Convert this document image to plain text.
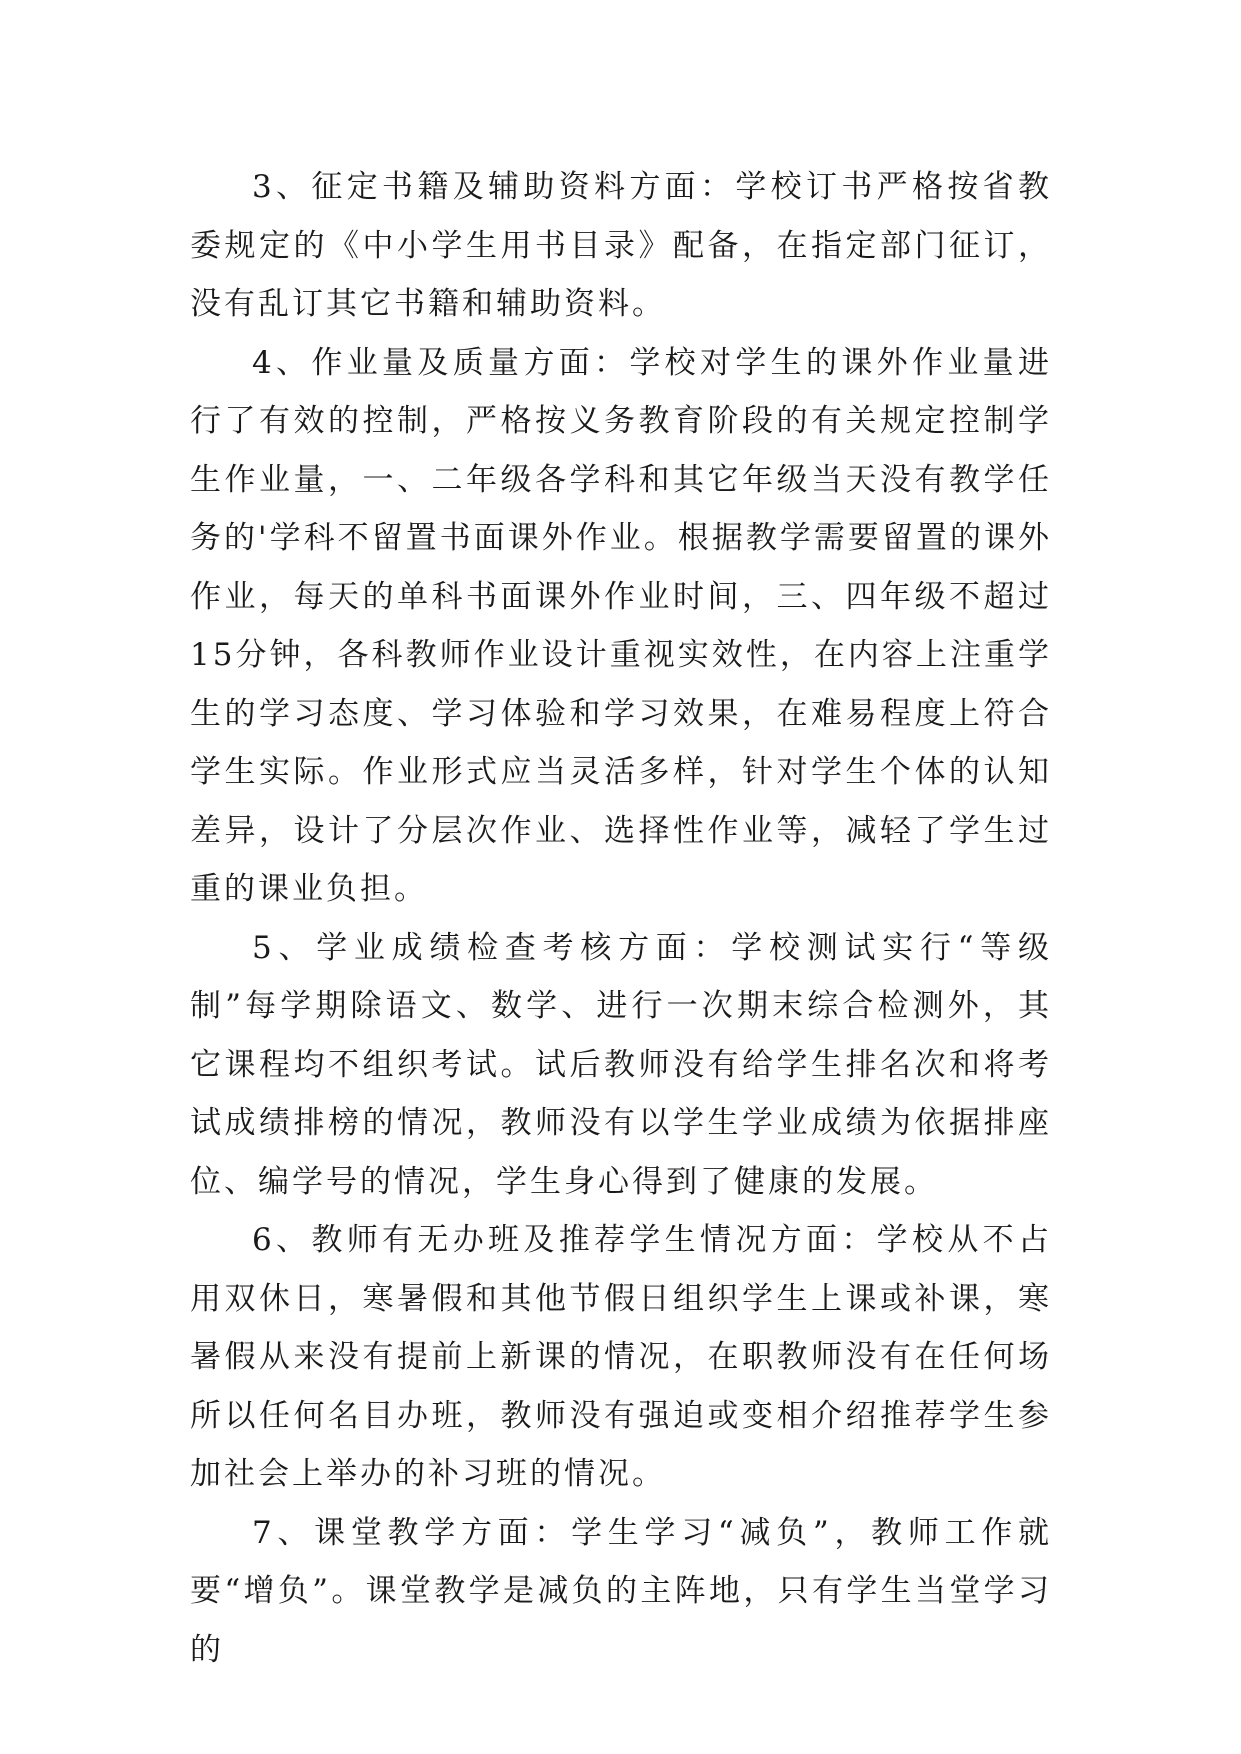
3、征定书籍及辅助资料方面：学校订书严格按省教委规定的《中小学生用书目录》配备，在指定部门征订，没有乱订其它书籍和辅助资料。

4、作业量及质量方面：学校对学生的课外作业量进行了有效的控制，严格按义务教育阶段的有关规定控制学生作业量，一、二年级各学科和其它年级当天没有教学任务的'学科不留置书面课外作业。根据教学需要留置的课外作业，每天的单科书面课外作业时间，三、四年级不超过15分钟，各科教师作业设计重视实效性，在内容上注重学生的学习态度、学习体验和学习效果，在难易程度上符合学生实际。作业形式应当灵活多样，针对学生个体的认知差异，设计了分层次作业、选择性作业等，减轻了学生过重的课业负担。

5、学业成绩检查考核方面：学校测试实行“等级制”每学期除语文、数学、进行一次期末综合检测外，其它课程均不组织考试。试后教师没有给学生排名次和将考试成绩排榜的情况，教师没有以学生学业成绩为依据排座位、编学号的情况，学生身心得到了健康的发展。

6、教师有无办班及推荐学生情况方面：学校从不占用双休日，寒暑假和其他节假日组织学生上课或补课，寒暑假从来没有提前上新课的情况，在职教师没有在任何场所以任何名目办班，教师没有强迫或变相介绍推荐学生参加社会上举办的补习班的情况。

7、课堂教学方面：学生学习“减负”，教师工作就要“增负”。课堂教学是减负的主阵地，只有学生当堂学习的
